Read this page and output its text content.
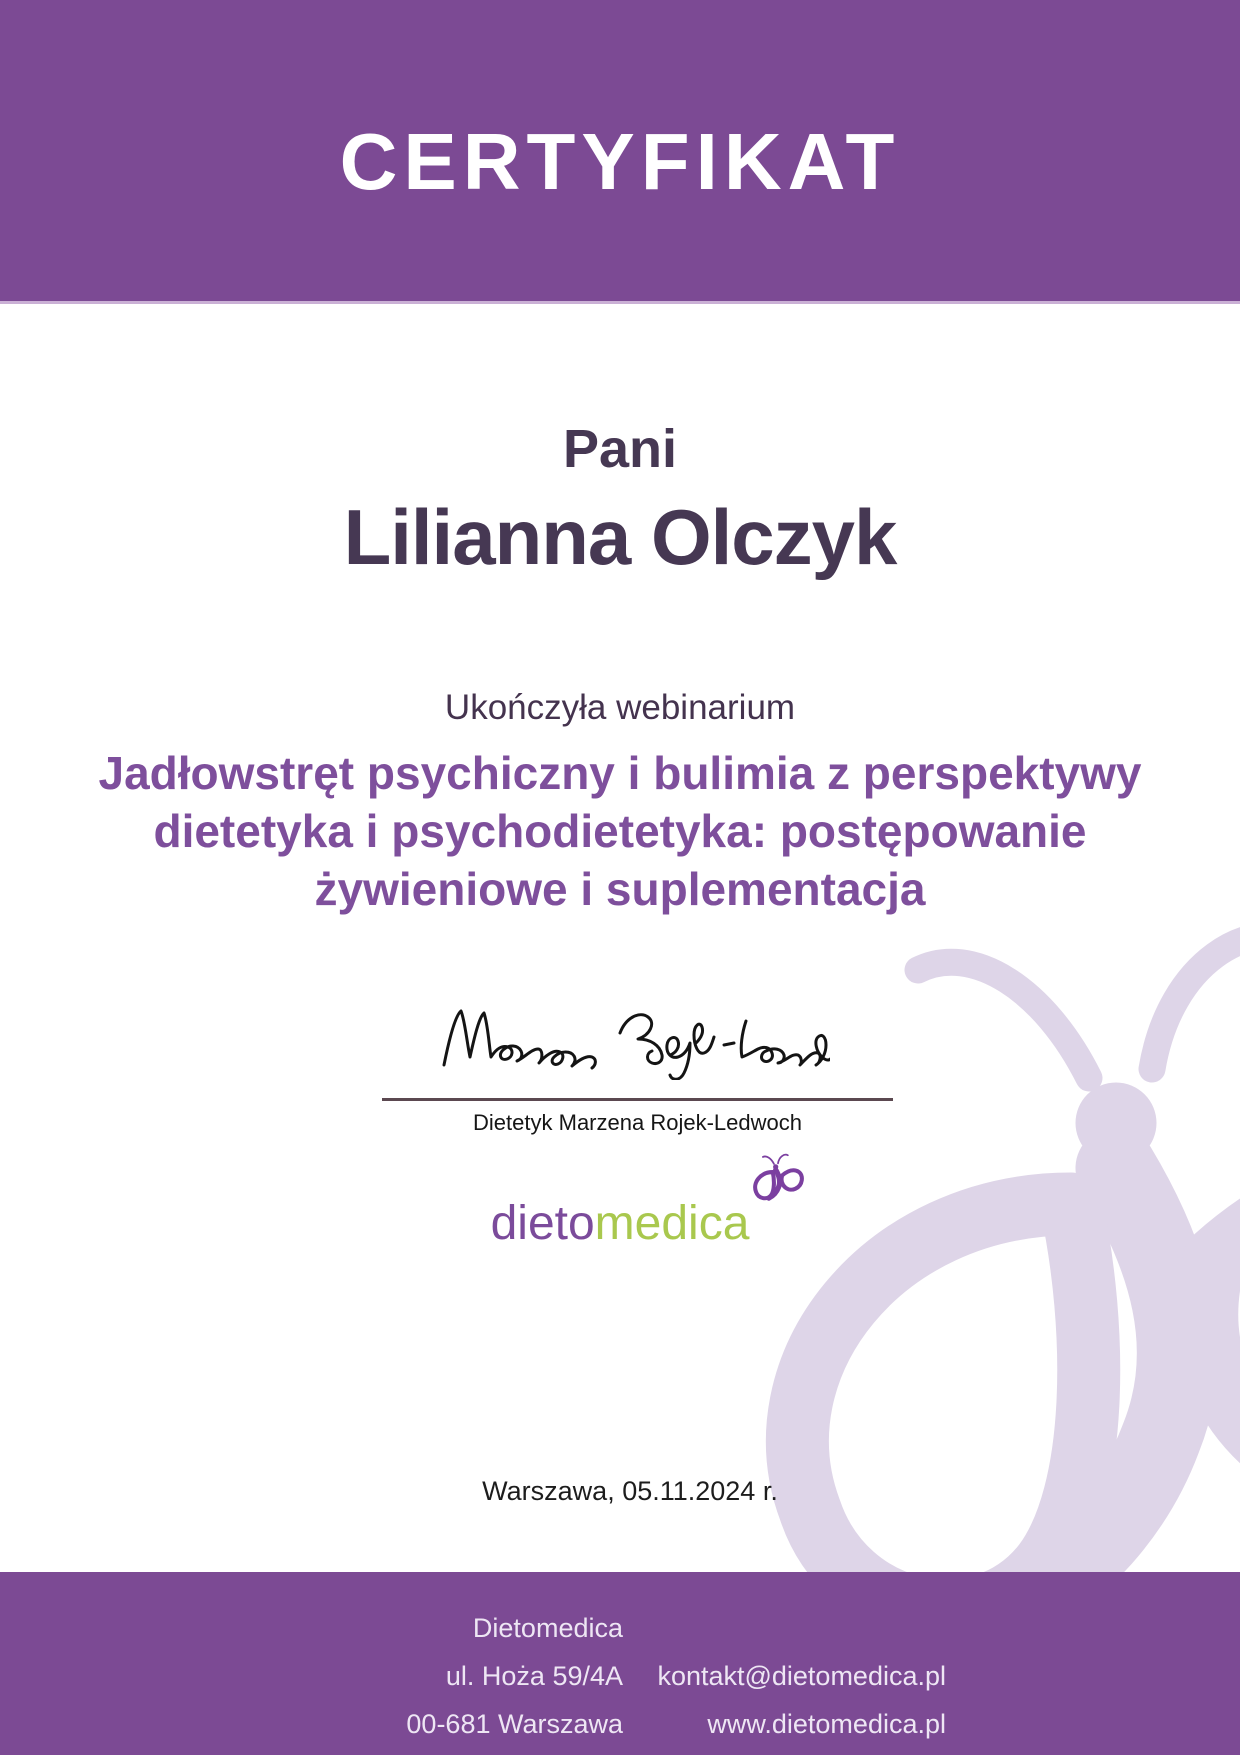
CERTYFIKAT
Pani
Lilianna Olczyk
Ukończyła webinarium
Jadłowstręt psychiczny i bulimia z perspektywy
dietetyka i psychodietetyka: postępowanie
żywieniowe i suplementacja
Dietetyk Marzena Rojek-Ledwoch
dietomedica
Warszawa, 05.11.2024 r.
Dietomedica
ul. Hoża 59/4A
00-681 Warszawa
kontakt@dietomedica.pl
www.dietomedica.pl
